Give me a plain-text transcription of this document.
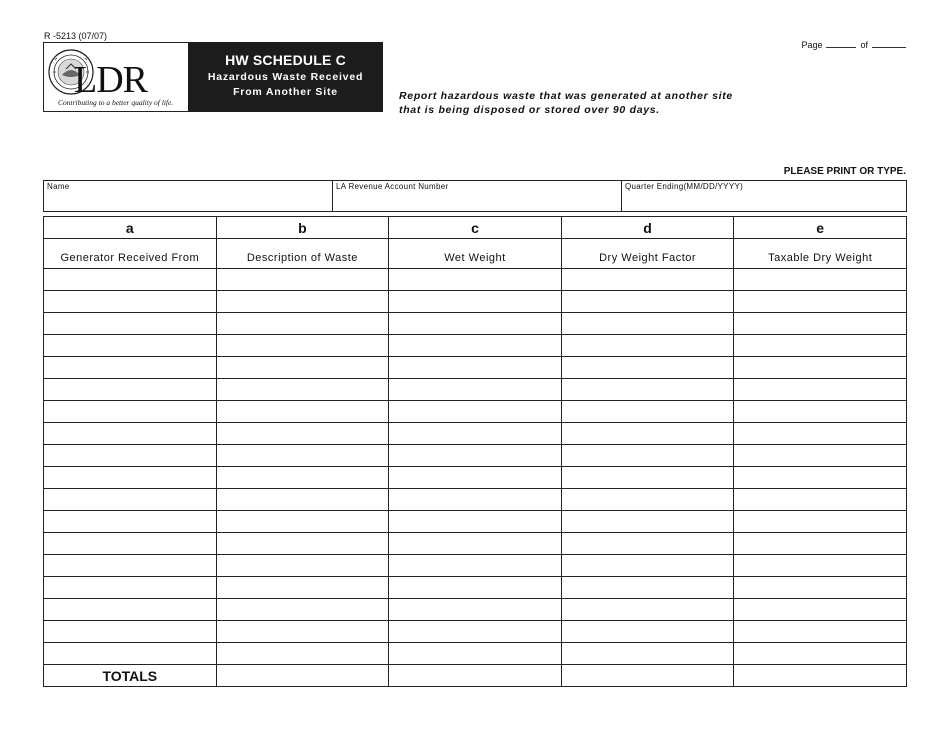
R -5213 (07/07)
Page	of
LDR
Contributing to a better quality of life.
HW SCHEDULE C
Hazardous Waste Received
From Another Site	Report hazardous waste that was generated at another site
that is being disposed or stored over 90 days.
PLEASE PRINT OR TYPE.
Name	LA Revenue Account Number	Quarter Ending(MM/DD/YYYY)
a	b	c	d	e
Generator Received From	Description of Waste	Wet Weight	Dry Weight Factor	Taxable Dry Weight

TOTALS				
